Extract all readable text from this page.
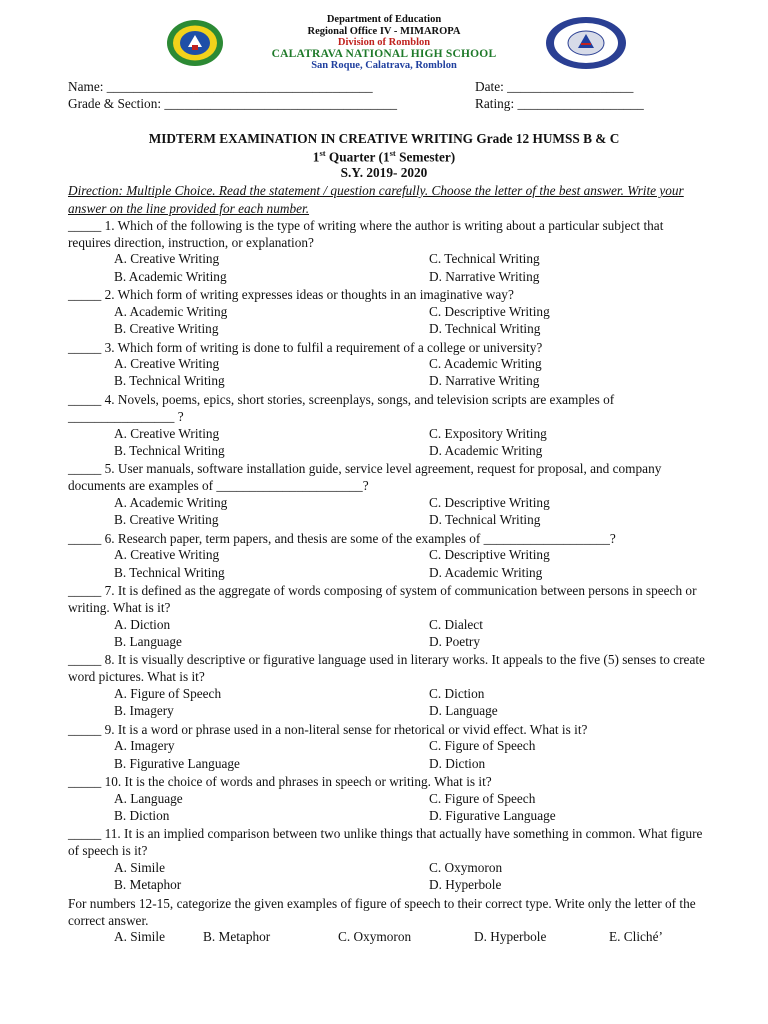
Department of Education
Regional Office IV - MIMAROPA
Division of Romblon
CALATRAVA NATIONAL HIGH SCHOOL
San Roque, Calatrava, Romblon
Name: ________________________________________	Date: ___________________
Grade & Section: ___________________________________	Rating: ___________________
MIDTERM EXAMINATION IN CREATIVE WRITING Grade 12 HUMSS B & C
1st Quarter (1st Semester)
S.Y. 2019- 2020
Direction: Multiple Choice. Read the statement / question carefully. Choose the letter of the best answer. Write your answer on the line provided for each number.
_____ 1. Which of the following is the type of writing where the author is writing about a particular subject that requires direction, instruction, or explanation?
A. Creative Writing	C. Technical Writing
B. Academic Writing	D. Narrative Writing
_____ 2. Which form of writing expresses ideas or thoughts in an imaginative way?
A. Academic Writing	C. Descriptive Writing
B. Creative Writing	D. Technical Writing
_____ 3. Which form of writing is done to fulfil a requirement of a college or university?
A. Creative Writing	C. Academic Writing
B. Technical Writing	D. Narrative Writing
_____ 4. Novels, poems, epics, short stories, screenplays, songs, and television scripts are examples of ________________ ?
A. Creative Writing	C. Expository Writing
B. Technical Writing	D. Academic Writing
_____ 5. User manuals, software installation guide, service level agreement, request for proposal, and company documents are examples of ______________________?
A. Academic Writing	C. Descriptive Writing
B. Creative Writing	D. Technical Writing
_____ 6. Research paper, term papers, and thesis are some of the examples of ___________________?
A. Creative Writing	C. Descriptive Writing
B. Technical Writing	D. Academic Writing
_____ 7. It is defined as the aggregate of words composing of system of communication between persons in speech or writing. What is it?
A. Diction	C. Dialect
B. Language	D. Poetry
_____ 8. It is visually descriptive or figurative language used in literary works. It appeals to the five (5) senses to create word pictures. What is it?
A. Figure of Speech	C. Diction
B. Imagery	D. Language
_____ 9. It is a word or phrase used in a non-literal sense for rhetorical or vivid effect. What is it?
A. Imagery	C. Figure of Speech
B. Figurative Language	D. Diction
_____ 10. It is the choice of words and phrases in speech or writing. What is it?
A. Language	C. Figure of Speech
B. Diction	D. Figurative Language
_____ 11. It is an implied comparison between two unlike things that actually have something in common. What figure of speech is it?
A. Simile	C. Oxymoron
B. Metaphor	D. Hyperbole
For numbers 12-15, categorize the given examples of figure of speech to their correct type. Write only the letter of the correct answer.
A. Simile	B. Metaphor	C. Oxymoron	D. Hyperbole	E. Cliché’
